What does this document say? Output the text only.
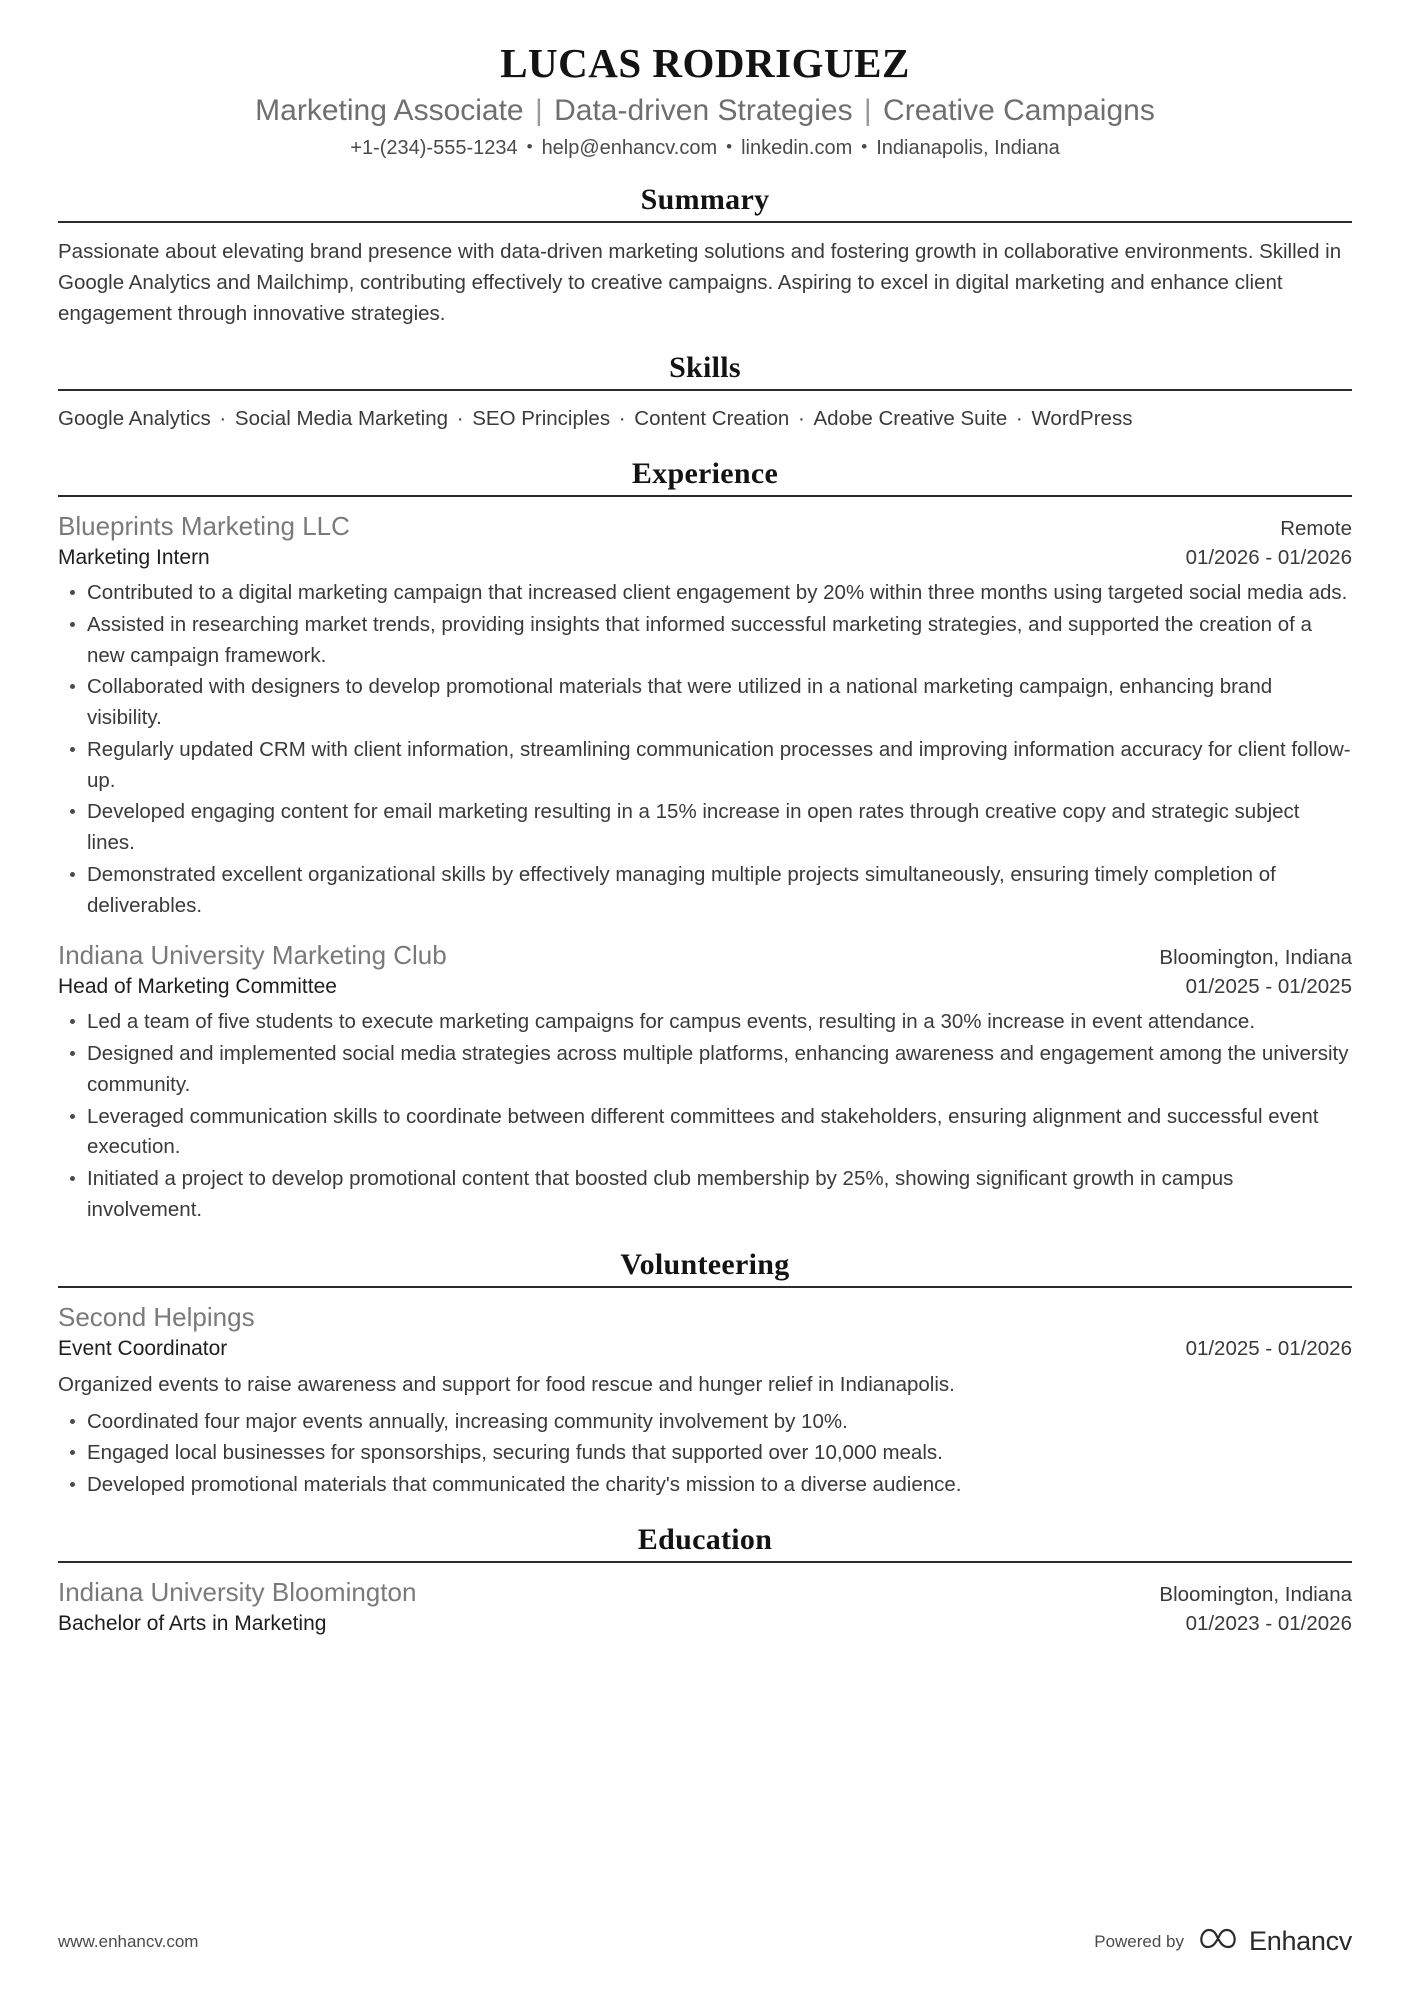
LUCAS RODRIGUEZ
Marketing Associate | Data-driven Strategies | Creative Campaigns
+1-(234)-555-1234 • help@enhancv.com • linkedin.com • Indianapolis, Indiana
Summary

Passionate about elevating brand presence with data-driven marketing solutions and fostering growth in collaborative environments. Skilled in Google Analytics and Mailchimp, contributing effectively to creative campaigns. Aspiring to excel in digital marketing and enhance client engagement through innovative strategies.

Skills
Google Analytics · Social Media Marketing · SEO Principles · Content Creation · Adobe Creative Suite · WordPress
Experience
Blueprints Marketing LLC	Remote
Marketing Intern	01/2026 - 01/2026
Contributed to a digital marketing campaign that increased client engagement by 20% within three months using targeted social media ads.
Assisted in researching market trends, providing insights that informed successful marketing strategies, and supported the creation of a new campaign framework.
Collaborated with designers to develop promotional materials that were utilized in a national marketing campaign, enhancing brand visibility.
Regularly updated CRM with client information, streamlining communication processes and improving information accuracy for client follow-up.
Developed engaging content for email marketing resulting in a 15% increase in open rates through creative copy and strategic subject lines.
Demonstrated excellent organizational skills by effectively managing multiple projects simultaneously, ensuring timely completion of deliverables.
Indiana University Marketing Club	Bloomington, Indiana
Head of Marketing Committee	01/2025 - 01/2025
Led a team of five students to execute marketing campaigns for campus events, resulting in a 30% increase in event attendance.
Designed and implemented social media strategies across multiple platforms, enhancing awareness and engagement among the university community.
Leveraged communication skills to coordinate between different committees and stakeholders, ensuring alignment and successful event execution.
Initiated a project to develop promotional content that boosted club membership by 25%, showing significant growth in campus involvement.
Volunteering
Second Helpings
Event Coordinator	01/2025 - 01/2026
Organized events to raise awareness and support for food rescue and hunger relief in Indianapolis.
Coordinated four major events annually, increasing community involvement by 10%.
Engaged local businesses for sponsorships, securing funds that supported over 10,000 meals.
Developed promotional materials that communicated the charity's mission to a diverse audience.
Education
Indiana University Bloomington	Bloomington, Indiana
Bachelor of Arts in Marketing	01/2023 - 01/2026
www.enhancv.com	Powered by Enhancv
